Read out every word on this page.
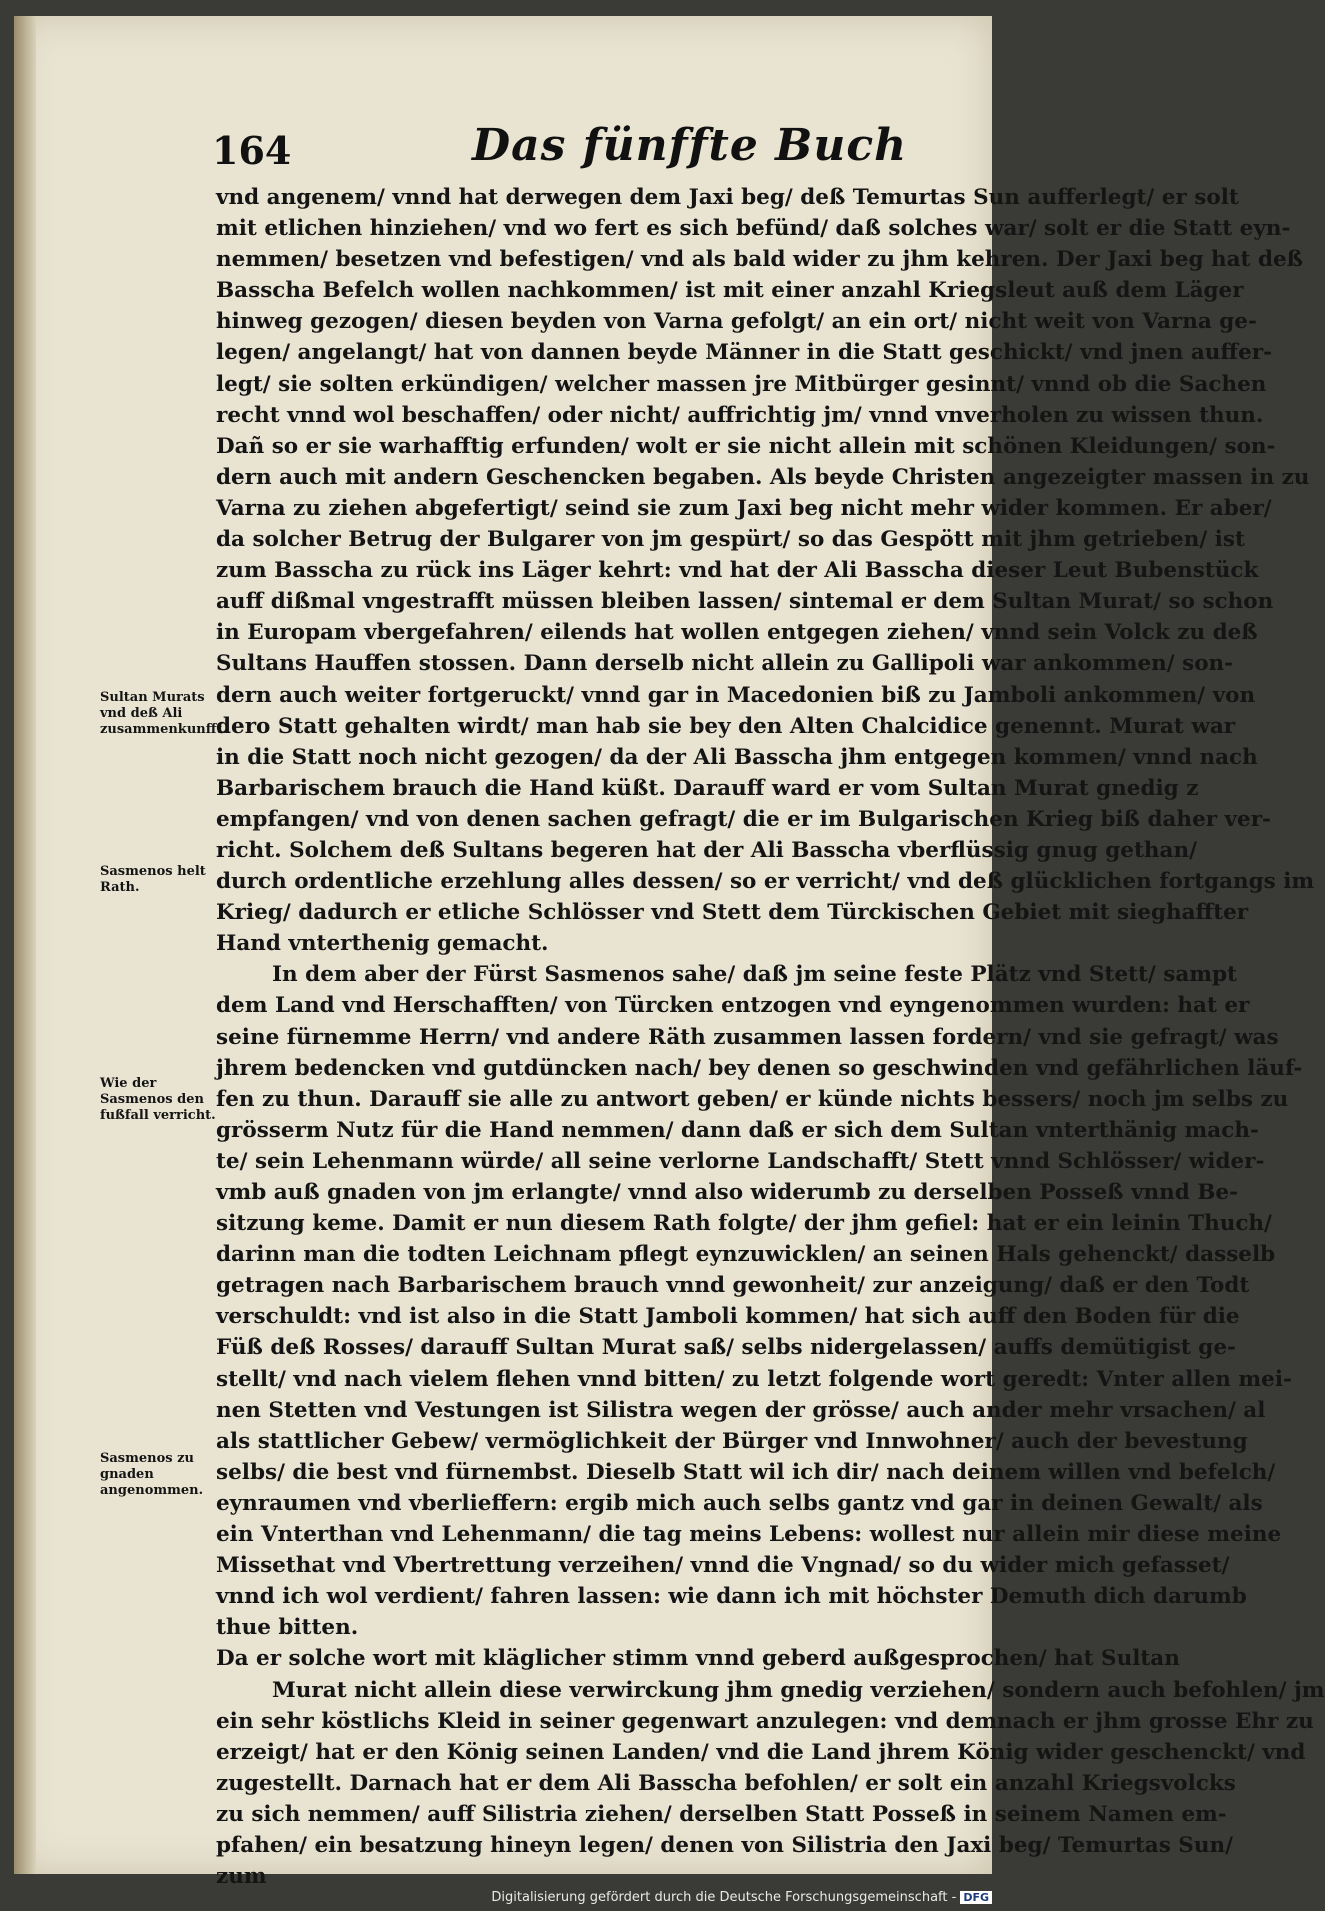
164	Das fünffte Buch
vnd angenem/ vnnd hat derwegen dem Jaxi beg/ deß Temurtas Sun aufferlegt/ er solt
mit etlichen hinziehen/ vnd wo fert es sich befünd/ daß solches war/ solt er die Statt eyn-
nemmen/ besetzen vnd befestigen/ vnd als bald wider zu jhm kehren. Der Jaxi beg hat deß
Basscha Befelch wollen nachkommen/ ist mit einer anzahl Kriegsleut auß dem Läger
hinweg gezogen/ diesen beyden von Varna gefolgt/ an ein ort/ nicht weit von Varna ge-
legen/ angelangt/ hat von dannen beyde Männer in die Statt geschickt/ vnd jnen auffer-
legt/ sie solten erkündigen/ welcher massen jre Mitbürger gesinnt/ vnnd ob die Sachen
recht vnnd wol beschaffen/ oder nicht/ auffrichtig jm/ vnnd vnverholen zu wissen thun.
Dañ so er sie warhafftig erfunden/ wolt er sie nicht allein mit schönen Kleidungen/ son-
dern auch mit andern Geschencken begaben. Als beyde Christen angezeigter massen in zu
Varna zu ziehen abgefertigt/ seind sie zum Jaxi beg nicht mehr wider kommen. Er aber/
da solcher Betrug der Bulgarer von jm gespürt/ so das Gespött mit jhm getrieben/ ist
zum Basscha zu rück ins Läger kehrt: vnd hat der Ali Basscha dieser Leut Bubenstück
auff dißmal vngestrafft müssen bleiben lassen/ sintemal er dem Sultan Murat/ so schon
in Europam vbergefahren/ eilends hat wollen entgegen ziehen/ vnnd sein Volck zu deß
Sultans Hauffen stossen. Dann derselb nicht allein zu Gallipoli war ankommen/ son-
dern auch weiter fortgeruckt/ vnnd gar in Macedonien biß zu Jamboli ankommen/ von
dero Statt gehalten wirdt/ man hab sie bey den Alten Chalcidice genennt. Murat war
in die Statt noch nicht gezogen/ da der Ali Basscha jhm entgegen kommen/ vnnd nach
Barbarischem brauch die Hand küßt. Darauff ward er vom Sultan Murat gnedig z
empfangen/ vnd von denen sachen gefragt/ die er im Bulgarischen Krieg biß daher ver-
richt. Solchem deß Sultans begeren hat der Ali Basscha vberflüssig gnug gethan/
durch ordentliche erzehlung alles dessen/ so er verricht/ vnd deß glücklichen fortgangs im
Krieg/ dadurch er etliche Schlösser vnd Stett dem Türckischen Gebiet mit sieghaffter
Hand vnterthenig gemacht.
In dem aber der Fürst Sasmenos sahe/ daß jm seine feste Plätz vnd Stett/ sampt
dem Land vnd Herschafften/ von Türcken entzogen vnd eyngenommen wurden: hat er
seine fürnemme Herrn/ vnd andere Räth zusammen lassen fordern/ vnd sie gefragt/ was
jhrem bedencken vnd gutdüncken nach/ bey denen so geschwinden vnd gefährlichen läuf-
fen zu thun. Darauff sie alle zu antwort geben/ er künde nichts bessers/ noch jm selbs zu
grösserm Nutz für die Hand nemmen/ dann daß er sich dem Sultan vnterthänig mach-
te/ sein Lehenmann würde/ all seine verlorne Landschafft/ Stett vnnd Schlösser/ wider-
vmb auß gnaden von jm erlangte/ vnnd also widerumb zu derselben Posseß vnnd Be-
sitzung keme. Damit er nun diesem Rath folgte/ der jhm gefiel: hat er ein leinin Thuch/
darinn man die todten Leichnam pflegt eynzuwicklen/ an seinen Hals gehenckt/ dasselb
getragen nach Barbarischem brauch vnnd gewonheit/ zur anzeigung/ daß er den Todt
verschuldt: vnd ist also in die Statt Jamboli kommen/ hat sich auff den Boden für die
Füß deß Rosses/ darauff Sultan Murat saß/ selbs nidergelassen/ auffs demütigist ge-
stellt/ vnd nach vielem flehen vnnd bitten/ zu letzt folgende wort geredt: Vnter allen mei-
nen Stetten vnd Vestungen ist Silistra wegen der grösse/ auch ander mehr vrsachen/ al
als stattlicher Gebew/ vermöglichkeit der Bürger vnd Innwohner/ auch der bevestung
selbs/ die best vnd fürnembst. Dieselb Statt wil ich dir/ nach deinem willen vnd befelch/
eynraumen vnd vberlieffern: ergib mich auch selbs gantz vnd gar in deinen Gewalt/ als
ein Vnterthan vnd Lehenmann/ die tag meins Lebens: wollest nur allein mir diese meine
Missethat vnd Vbertrettung verzeihen/ vnnd die Vngnad/ so du wider mich gefasset/
vnnd ich wol verdient/ fahren lassen: wie dann ich mit höchster Demuth dich darumb
thue bitten.
Da er solche wort mit kläglicher stimm vnnd geberd außgesprochen/ hat Sultan
Murat nicht allein diese verwirckung jhm gnedig verziehen/ sondern auch befohlen/ jm
ein sehr köstlichs Kleid in seiner gegenwart anzulegen: vnd demnach er jhm grosse Ehr zu
erzeigt/ hat er den König seinen Landen/ vnd die Land jhrem König wider geschenckt/ vnd
zugestellt. Darnach hat er dem Ali Basscha befohlen/ er solt ein anzahl Kriegsvolcks
zu sich nemmen/ auff Silistria ziehen/ derselben Statt Posseß in seinem Namen em-
pfahen/ ein besatzung hineyn legen/ denen von Silistria den Jaxi beg/ Temurtas Sun/
zum
Sultan Murats vnd deß Ali zusammenkunfft.
Sasmenos helt Rath.
Wie der Sasmenos den fußfall verricht.
Sasmenos zu gnaden angenommen.
Digitalisierung gefördert durch die Deutsche Forschungsgemeinschaft - DFG
